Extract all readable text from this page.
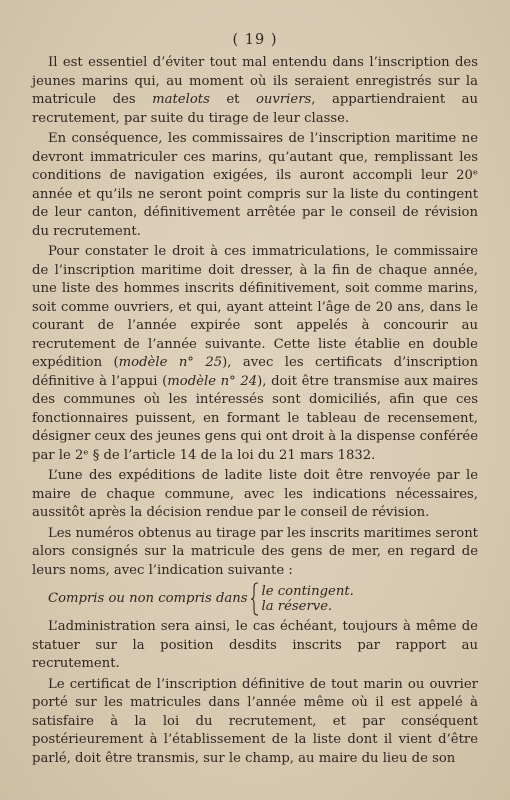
( 19 )

Il est essentiel d’éviter tout mal entendu dans l’inscription des jeunes marins qui, au moment où ils seraient enregistrés sur la matricule des matelots et ouvriers, appartiendraient au recrutement, par suite du tirage de leur classe.

En conséquence, les commissaires de l’inscription maritime ne devront immatriculer ces marins, qu’autant que, remplissant les conditions de navigation exigées, ils auront accompli leur 20ᵉ année et qu’ils ne seront point compris sur la liste du contingent de leur canton, définitivement arrêtée par le conseil de révision du recrutement.

Pour constater le droit à ces immatriculations, le commissaire de l’inscription maritime doit dresser, à la fin de chaque année, une liste des hommes inscrits définitivement, soit comme marins, soit comme ouvriers, et qui, ayant atteint l’âge de 20 ans, dans le courant de l’année expirée sont appelés à concourir au recrutement de l’année suivante. Cette liste établie en double expédition (modèle n° 25), avec les certificats d’inscription définitive à l’appui (modèle n° 24), doit être transmise aux maires des communes où les intéressés sont domiciliés, afin que ces fonctionnaires puissent, en formant le tableau de recensement, désigner ceux des jeunes gens qui ont droit à la dispense conférée par le 2ᵉ § de l’article 14 de la loi du 21 mars 1832.

L’une des expéditions de ladite liste doit être renvoyée par le maire de chaque commune, avec les indications nécessaires, aussitôt après la décision rendue par le conseil de révision.

Les numéros obtenus au tirage par les inscrits maritimes seront alors consignés sur la matricule des gens de mer, en regard de leurs noms, avec l’indication suivante :

Compris ou non compris dans
le contingent.
la réserve.

L’administration sera ainsi, le cas échéant, toujours à même de statuer sur la position desdits inscrits par rapport au recrutement.

Le certificat de l’inscription définitive de tout marin ou ouvrier porté sur les matricules dans l’année même où il est appelé à satisfaire à la loi du recrutement, et par conséquent postérieurement à l’établissement de la liste dont il vient d’être parlé, doit être transmis, sur le champ, au maire du lieu de son
